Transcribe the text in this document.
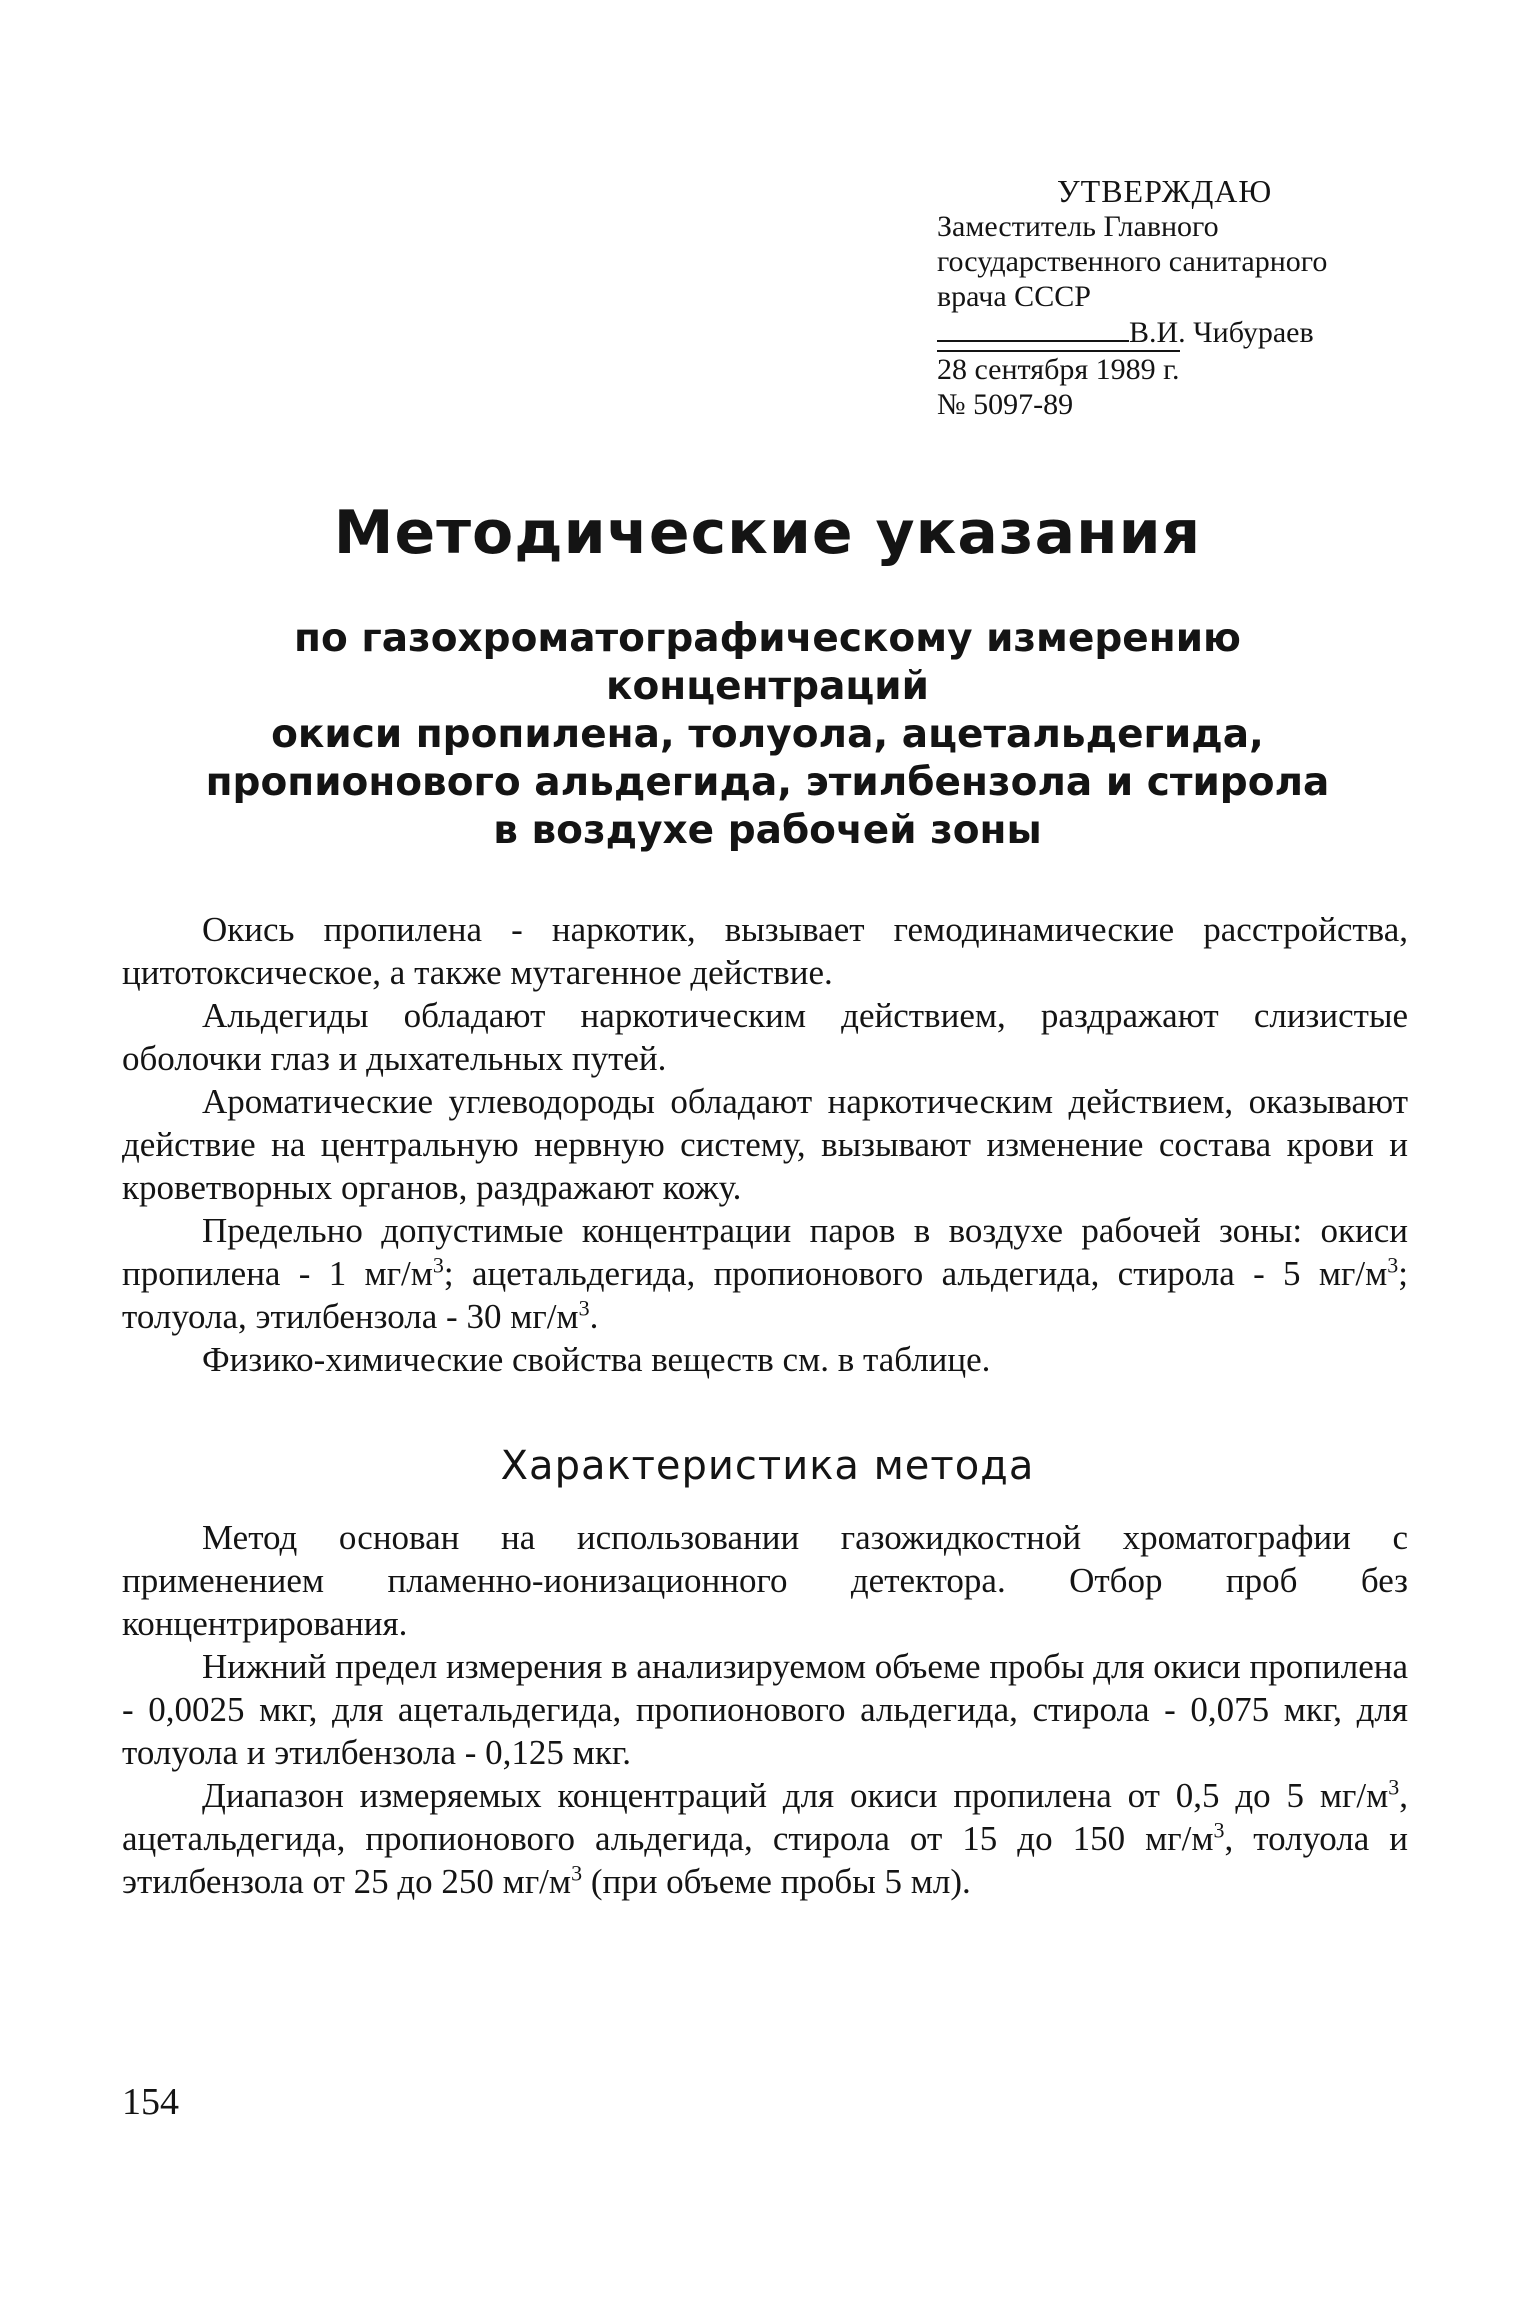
УТВЕРЖДАЮ
Заместитель Главного
государственного санитарного
врача СССР
В.И. Чибураев
28 сентября 1989 г.
№ 5097-89
Методические указания
по газохроматографическому измерению
концентраций
окиси пропилена, толуола, ацетальдегида,
пропионового альдегида, этилбензола и стирола
в воздухе рабочей зоны

Окись пропилена - наркотик, вызывает гемодинамические расстройства, цитотоксическое, а также мутагенное действие.

Альдегиды обладают наркотическим действием, раздражают слизистые оболочки глаз и дыхательных путей.

Ароматические углеводороды обладают наркотическим действием, оказывают действие на центральную нервную систему, вызывают изменение состава крови и кроветворных органов, раздражают кожу.

Предельно допустимые концентрации паров в воздухе рабочей зоны: окиси пропилена - 1 $мг/м^3$; ацетальдегида, пропионового альдегида, стирола - 5 $мг/м^3$; толуола, этилбензола - 30 $мг/м^3$.

Физико-химические свойства веществ см. в таблице.

Характеристика метода

Метод основан на использовании газожидкостной хроматографии с применением пламенно-ионизационного детектора. Отбор проб без концентрирования.

Нижний предел измерения в анализируемом объеме пробы для окиси пропилена - 0,0025 мкг, для ацетальдегида, пропионового альдегида, стирола - 0,075 мкг, для толуола и этилбензола - 0,125 мкг.

Диапазон измеряемых концентраций для окиси пропилена от 0,5 до 5 $мг/м^3$, ацетальдегида, пропионового альдегида, стирола от 15 до 150 $мг/м^3$, толуола и этилбензола от 25 до 250 $мг/м^3$ (при объеме пробы 5 мл).

154
